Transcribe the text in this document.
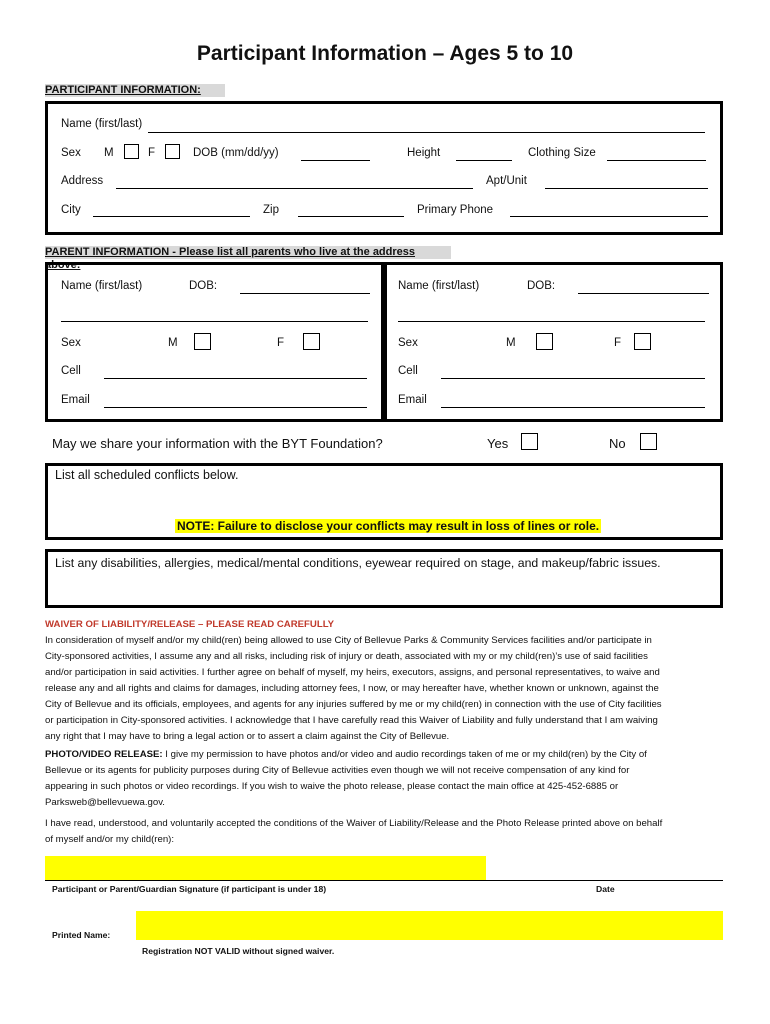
Participant Information – Ages 5 to 10
PARTICIPANT INFORMATION:
Name (first/last)
Sex M	F	DOB (mm/dd/yy)	Height	Clothing Size
Address	Apt/Unit
City	Zip	Primary Phone
PARENT INFORMATION - Please list all parents who live at the address above:
Name (first/last)	DOB:
Sex	M	F
Cell
Email
Name (first/last)	DOB:
Sex	M	F
Cell
Email
May we share your information with the BYT Foundation?	Yes	No
List all scheduled conflicts below.
NOTE: Failure to disclose your conflicts may result in loss of lines or role.
List any disabilities, allergies, medical/mental conditions, eyewear required on stage, and makeup/fabric issues.
WAIVER OF LIABILITY/RELEASE – PLEASE READ CAREFULLY
In consideration of myself and/or my child(ren) being allowed to use City of Bellevue Parks & Community Services facilities and/or participate in
City-sponsored activities, I assume any and all risks, including risk of injury or death, associated with my or my child(ren)’s use of said facilities
and/or participation in said activities. I further agree on behalf of myself, my heirs, executors, assigns, and personal representatives, to waive and
release any and all rights and claims for damages, including attorney fees, I now, or may hereafter have, whether known or unknown, against the
City of Bellevue and its officials, employees, and agents for any injuries suffered by me or my child(ren) in connection with the use of City facilities
or participation in City-sponsored activities. I acknowledge that I have carefully read this Waiver of Liability and fully understand that I am waiving
any right that I may have to bring a legal action or to assert a claim against the City of Bellevue.
PHOTO/VIDEO RELEASE: I give my permission to have photos and/or video and audio recordings taken of me or my child(ren) by the City of
Bellevue or its agents for publicity purposes during City of Bellevue activities even though we will not receive compensation of any kind for
appearing in such photos or video recordings. If you wish to waive the photo release, please contact the main office at 425-452-6885 or
Parksweb@bellevuewa.gov.
I have read, understood, and voluntarily accepted the conditions of the Waiver of Liability/Release and the Photo Release printed above on behalf
of myself and/or my child(ren):
Participant or Parent/Guardian Signature (if participant is under 18)	Date
Printed Name:
Registration NOT VALID without signed waiver.
